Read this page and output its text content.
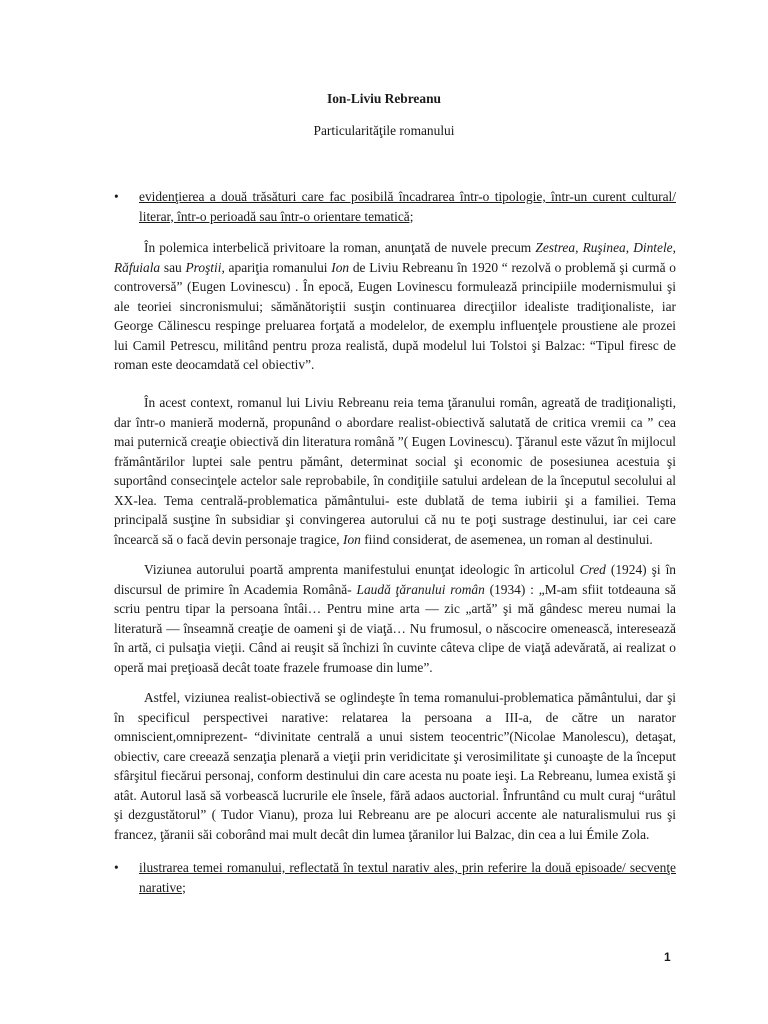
Ion-Liviu Rebreanu
Particularităţile romanului
•	evidenţierea a două trăsături care fac posibilă încadrarea într-o tipologie, într-un curent cultural/ literar, într-o perioadă sau într-o orientare tematică;
În polemica interbelică privitoare la roman, anunţată de nuvele precum Zestrea, Ruşinea, Dintele, Răfuiala sau Proştii, apariţia romanului Ion de Liviu Rebreanu în 1920 “ rezolvă o problemă şi curmă o controversă” (Eugen Lovinescu) . În epocă, Eugen Lovinescu formulează principiile modernismului şi ale teoriei sincronismului; sămănătoriştii susţin continuarea direcţiilor idealiste tradiţionaliste, iar George Călinescu respinge preluarea forţată a modelelor, de exemplu influenţele proustiene ale prozei lui Camil Petrescu, militând pentru proza realistă, după modelul lui Tolstoi şi Balzac: “Tipul firesc de roman este deocamdată cel obiectiv”.
În acest context, romanul lui Liviu Rebreanu reia tema ţăranului român, agreată de tradiţionalişti, dar într-o manieră modernă, propunând o abordare realist-obiectivă salutată de critica vremii ca ” cea mai puternică creaţie obiectivă din literatura română ”( Eugen Lovinescu). Ţăranul este văzut în mijlocul frământărilor luptei sale pentru pământ, determinat social şi economic de posesiunea acestuia şi suportând consecinţele actelor sale reprobabile, în condiţiile satului ardelean de la începutul secolului al XX-lea. Tema centrală-problematica pământului- este dublată de tema iubirii şi a familiei. Tema principală susţine în subsidiar şi convingerea autorului că nu te poţi sustrage destinului, iar cei care încearcă să o facă devin personaje tragice, Ion fiind considerat, de asemenea, un roman al destinului.
Viziunea autorului poartă amprenta manifestului enunţat ideologic în articolul Cred (1924) şi în discursul de primire în Academia Română- Laudă ţăranului român (1934) : „M-am sfiit totdeauna să scriu pentru tipar la persoana întâi… Pentru mine arta — zic „artă” şi mă gândesc mereu numai la literatură — înseamnă creaţie de oameni şi de viaţă… Nu frumosul, o născocire omenească, interesează în artă, ci pulsaţia vieţii. Când ai reuşit să închizi în cuvinte câteva clipe de viaţă adevărată, ai realizat o operă mai preţioasă decât toate frazele frumoase din lume”.
Astfel, viziunea realist-obiectivă se oglindeşte în tema romanului-problematica pământului, dar şi în specificul perspectivei narative: relatarea la persoana a III-a, de către un narator omniscient,omniprezent- “divinitate centrală a unui sistem teocentric”(Nicolae Manolescu), detaşat, obiectiv, care creează senzaţia plenară a vieţii prin veridicitate şi verosimilitate şi cunoaşte de la început sfârşitul fiecărui personaj, conform destinului din care acesta nu poate ieşi. La Rebreanu, lumea există şi atât. Autorul lasă să vorbească lucrurile ele însele, fără adaos auctorial. Înfruntând cu mult curaj “urâtul şi dezgustătorul” ( Tudor Vianu), proza lui Rebreanu are pe alocuri accente ale naturalismului rus şi francez, ţăranii săi coborând mai mult decât din lumea ţăranilor lui Balzac, din cea a lui Émile Zola.
•	ilustrarea temei romanului, reflectată în textul narativ ales, prin referire la două episoade/ secvenţe narative;
1
